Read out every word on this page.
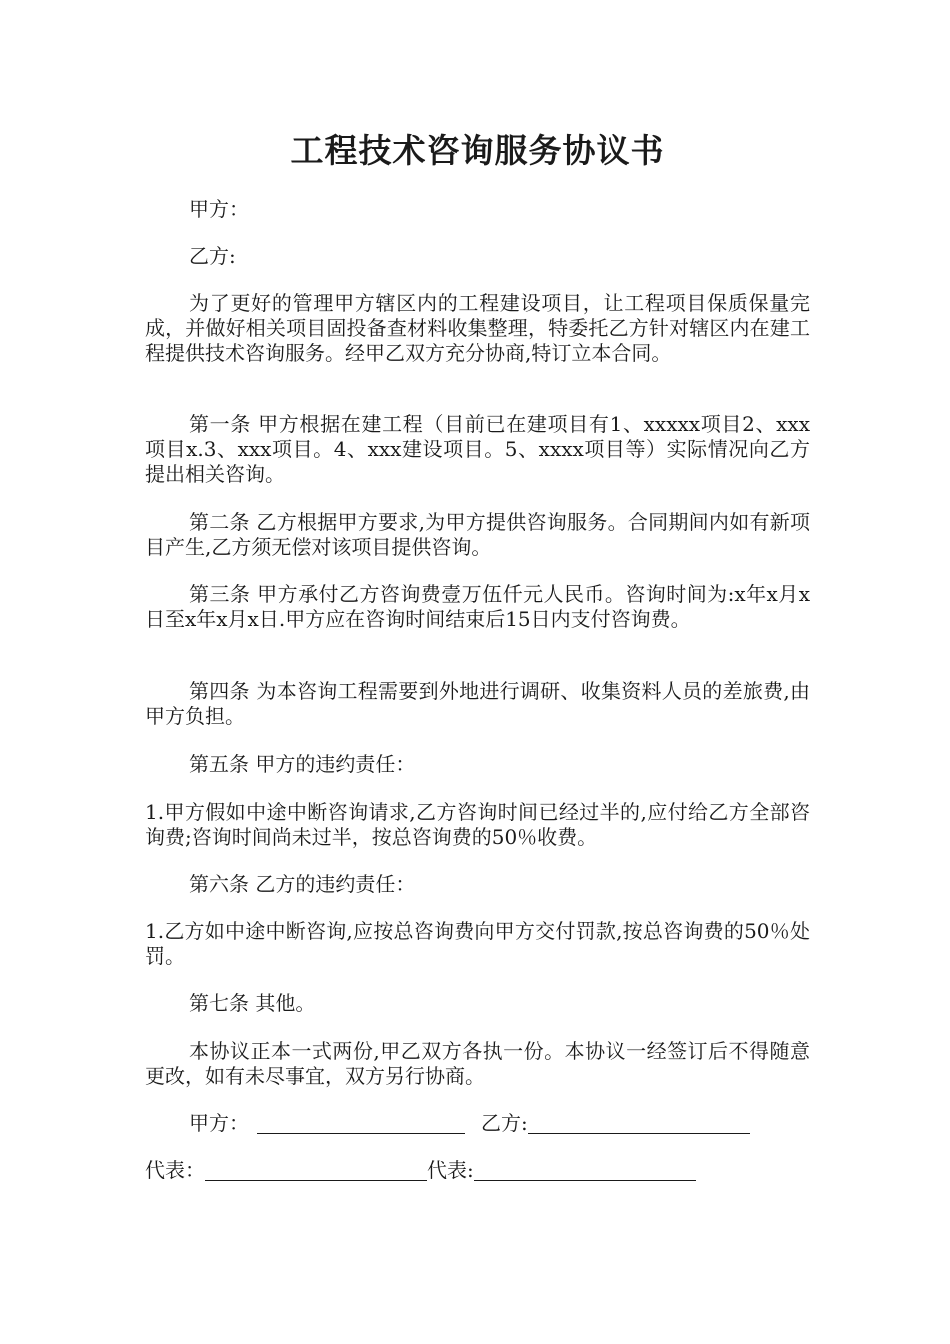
工程技术咨询服务协议书

甲方：

乙方:

为了更好的管理甲方辖区内的工程建设项目，让工程项目保质保量完成，并做好相关项目固投备查材料收集整理，特委托乙方针对辖区内在建工程提供技术咨询服务。经甲乙双方充分协商,特订立本合同。

第一条 甲方根据在建工程（目前已在建项目有1、xxxxx项目2、xxx项目x.3、xxx项目。4、xxx建设项目。5、xxxx项目等）实际情况向乙方提出相关咨询。

第二条 乙方根据甲方要求,为甲方提供咨询服务。合同期间内如有新项目产生,乙方须无偿对该项目提供咨询。

第三条 甲方承付乙方咨询费壹万伍仟元人民币。咨询时间为:x年x月x日至x年x月x日.甲方应在咨询时间结束后15日内支付咨询费。

第四条 为本咨询工程需要到外地进行调研、收集资料人员的差旅费,由甲方负担。

第五条 甲方的违约责任：

1.甲方假如中途中断咨询请求,乙方咨询时间已经过半的,应付给乙方全部咨询费;咨询时间尚未过半，按总咨询费的50％收费。

第六条 乙方的违约责任：

1.乙方如中途中断咨询,应按总咨询费向甲方交付罚款,按总咨询费的50％处罚。

第七条 其他。

本协议正本一式两份,甲乙双方各执一份。本协议一经签订后不得随意更改，如有未尽事宜，双方另行协商。

甲方：	乙方:
代表：	代表:
